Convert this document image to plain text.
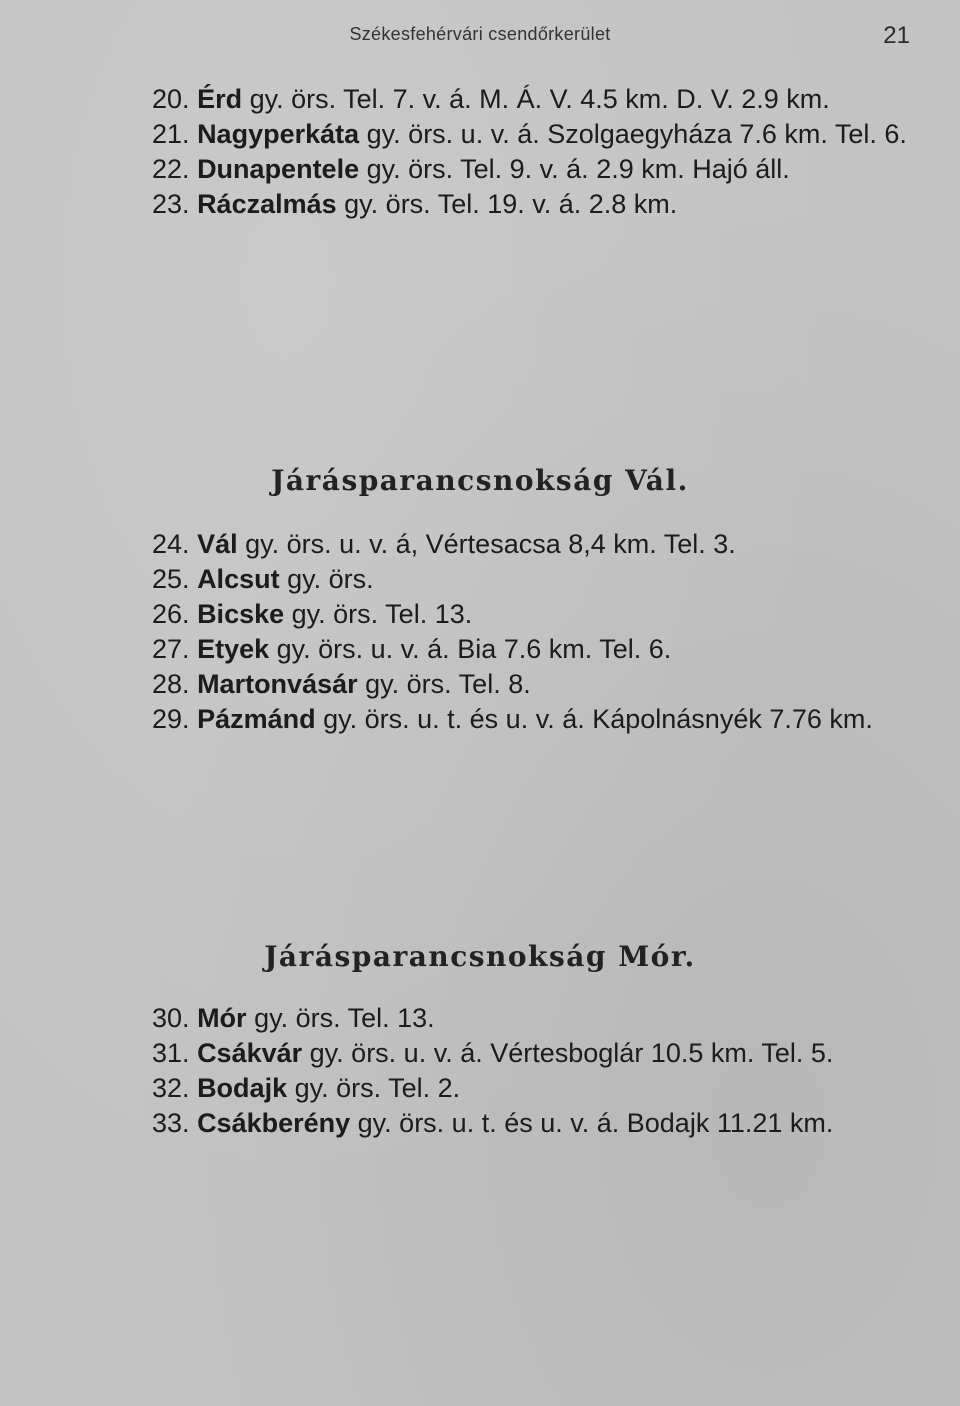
Székesfehérvári csendőrkerület	21
20. Érd gy. örs. Tel. 7. v. á. M. Á. V. 4.5 km. D. V. 2.9 km.
21. Nagyperkáta gy. örs. u. v. á. Szolgaegyháza 7.6 km. Tel. 6.
22. Dunapentele gy. örs. Tel. 9. v. á. 2.9 km. Hajó áll.
23. Ráczalmás gy. örs. Tel. 19. v. á. 2.8 km.
Járásparancsnokság Vál.
24. Vál gy. örs. u. v. á, Vértesacsa 8,4 km. Tel. 3.
25. Alcsut gy. örs.
26. Bicske gy. örs. Tel. 13.
27. Etyek gy. örs. u. v. á. Bia 7.6 km. Tel. 6.
28. Martonvásár gy. örs. Tel. 8.
29. Pázmánd gy. örs. u. t. és u. v. á. Kápolnásnyék 7.76 km.
Járásparancsnokság Mór.
30. Mór gy. örs. Tel. 13.
31. Csákvár gy. örs. u. v. á. Vértesboglár 10.5 km. Tel. 5.
32. Bodajk gy. örs. Tel. 2.
33. Csákberény gy. örs. u. t. és u. v. á. Bodajk 11.21 km.
